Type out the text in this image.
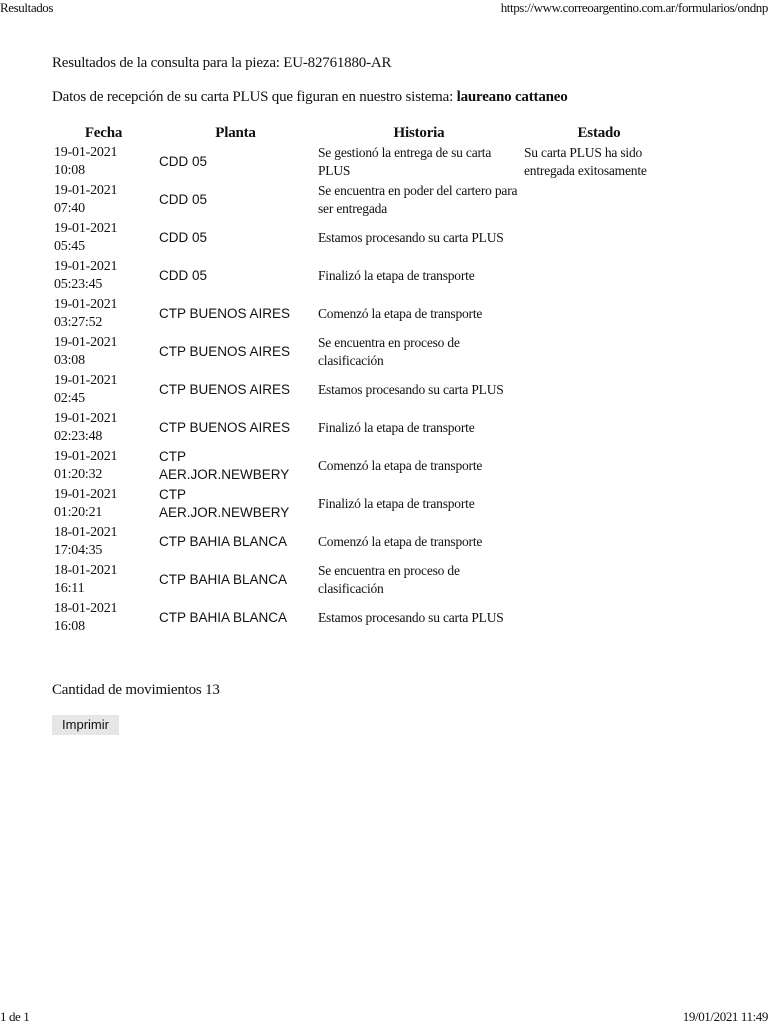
Resultados	https://www.correoargentino.com.ar/formularios/ondnp
Resultados de la consulta para la pieza: EU-82761880-AR
Datos de recepción de su carta PLUS que figuran en nuestro sistema: laureano cattaneo
Fecha	Planta	Historia	Estado

19-01-2021
10:08	CDD 05	Se gestionó la entrega de su carta PLUS	Su carta PLUS ha sido entregada exitosamente

19-01-2021
07:40	CDD 05	Se encuentra en poder del cartero para ser entregada	

19-01-2021
05:45	CDD 05	Estamos procesando su carta PLUS	

19-01-2021
05:23:45	CDD 05	Finalizó la etapa de transporte	

19-01-2021
03:27:52	CTP BUENOS AIRES	Comenzó la etapa de transporte	

19-01-2021
03:08	CTP BUENOS AIRES	Se encuentra en proceso de clasificación	

19-01-2021
02:45	CTP BUENOS AIRES	Estamos procesando su carta PLUS	

19-01-2021
02:23:48	CTP BUENOS AIRES	Finalizó la etapa de transporte	

19-01-2021
01:20:32	CTP AER.JOR.NEWBERY	Comenzó la etapa de transporte	

19-01-2021
01:20:21	CTP AER.JOR.NEWBERY	Finalizó la etapa de transporte	

18-01-2021
17:04:35	CTP BAHIA BLANCA	Comenzó la etapa de transporte	

18-01-2021
16:11	CTP BAHIA BLANCA	Se encuentra en proceso de clasificación	

18-01-2021
16:08	CTP BAHIA BLANCA	Estamos procesando su carta PLUS	
Cantidad de movimientos 13
Imprimir
1 de 1	19/01/2021 11:49
